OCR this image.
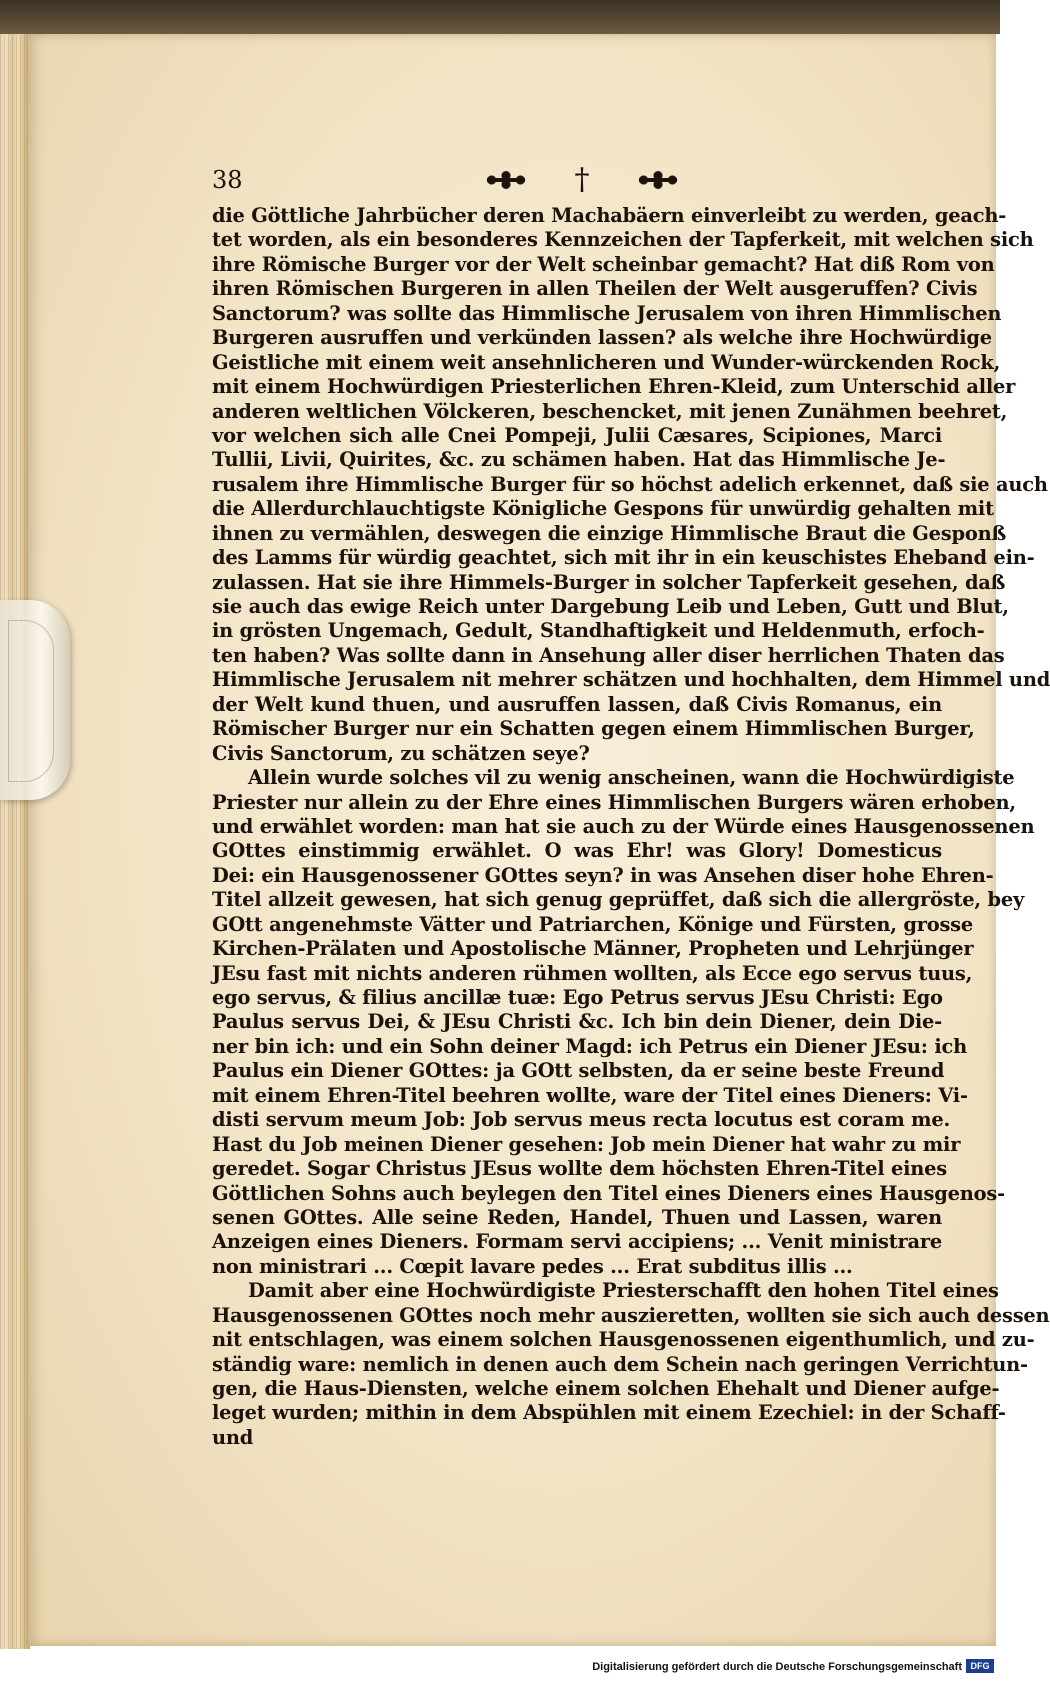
38	†
die Göttliche Jahrbücher deren Machabäern einverleibt zu werden, geach-
tet worden, als ein besonderes Kennzeichen der Tapferkeit, mit welchen sich
ihre Römische Burger vor der Welt scheinbar gemacht? Hat diß Rom von
ihren Römischen Burgeren in allen Theilen der Welt ausgeruffen? Civis
Sanctorum? was sollte das Himmlische Jerusalem von ihren Himmlischen
Burgeren ausruffen und verkünden lassen? als welche ihre Hochwürdige
Geistliche mit einem weit ansehnlicheren und Wunder-würckenden Rock,
mit einem Hochwürdigen Priesterlichen Ehren-Kleid, zum Unterschid aller
anderen weltlichen Völckeren, beschencket, mit jenen Zunähmen beehret,
vor welchen sich alle Cnei Pompeji, Julii Cæsares, Scipiones, Marci
Tullii, Livii, Quirites, &c. zu schämen haben. Hat das Himmlische Je-
rusalem ihre Himmlische Burger für so höchst adelich erkennet, daß sie auch
die Allerdurchlauchtigste Königliche Gespons für unwürdig gehalten mit
ihnen zu vermählen, deswegen die einzige Himmlische Braut die Gesponß
des Lamms für würdig geachtet, sich mit ihr in ein keuschistes Eheband ein-
zulassen. Hat sie ihre Himmels-Burger in solcher Tapferkeit gesehen, daß
sie auch das ewige Reich unter Dargebung Leib und Leben, Gutt und Blut,
in grösten Ungemach, Gedult, Standhaftigkeit und Heldenmuth, erfoch-
ten haben? Was sollte dann in Ansehung aller diser herrlichen Thaten das
Himmlische Jerusalem nit mehrer schätzen und hochhalten, dem Himmel und
der Welt kund thuen, und ausruffen lassen, daß Civis Romanus, ein
Römischer Burger nur ein Schatten gegen einem Himmlischen Burger,
Civis Sanctorum, zu schätzen seye?
Allein wurde solches vil zu wenig anscheinen, wann die Hochwürdigiste
Priester nur allein zu der Ehre eines Himmlischen Burgers wären erhoben,
und erwählet worden: man hat sie auch zu der Würde eines Hausgenossenen
GOttes einstimmig erwählet. O was Ehr! was Glory! Domesticus
Dei: ein Hausgenossener GOttes seyn? in was Ansehen diser hohe Ehren-
Titel allzeit gewesen, hat sich genug geprüffet, daß sich die allergröste, bey
GOtt angenehmste Vätter und Patriarchen, Könige und Fürsten, grosse
Kirchen-Prälaten und Apostolische Männer, Propheten und Lehrjünger
JEsu fast mit nichts anderen rühmen wollten, als Ecce ego servus tuus,
ego servus, & filius ancillæ tuæ: Ego Petrus servus JEsu Christi: Ego
Paulus servus Dei, & JEsu Christi &c. Ich bin dein Diener, dein Die-
ner bin ich: und ein Sohn deiner Magd: ich Petrus ein Diener JEsu: ich
Paulus ein Diener GOttes: ja GOtt selbsten, da er seine beste Freund
mit einem Ehren-Titel beehren wollte, ware der Titel eines Dieners: Vi-
disti servum meum Job: Job servus meus recta locutus est coram me.
Hast du Job meinen Diener gesehen: Job mein Diener hat wahr zu mir
geredet. Sogar Christus JEsus wollte dem höchsten Ehren-Titel eines
Göttlichen Sohns auch beylegen den Titel eines Dieners eines Hausgenos-
senen GOttes. Alle seine Reden, Handel, Thuen und Lassen, waren
Anzeigen eines Dieners. Formam servi accipiens; ... Venit ministrare
non ministrari ... Cœpit lavare pedes ... Erat subditus illis ...
Damit aber eine Hochwürdigiste Priesterschafft den hohen Titel eines
Hausgenossenen GOttes noch mehr auszieretten, wollten sie sich auch dessen
nit entschlagen, was einem solchen Hausgenossenen eigenthumlich, und zu-
ständig ware: nemlich in denen auch dem Schein nach geringen Verrichtun-
gen, die Haus-Diensten, welche einem solchen Ehehalt und Diener aufge-
leget wurden; mithin in dem Abspühlen mit einem Ezechiel: in der Schaff-
und
Digitalisierung gefördert durch die Deutsche Forschungsgemeinschaft DFG
